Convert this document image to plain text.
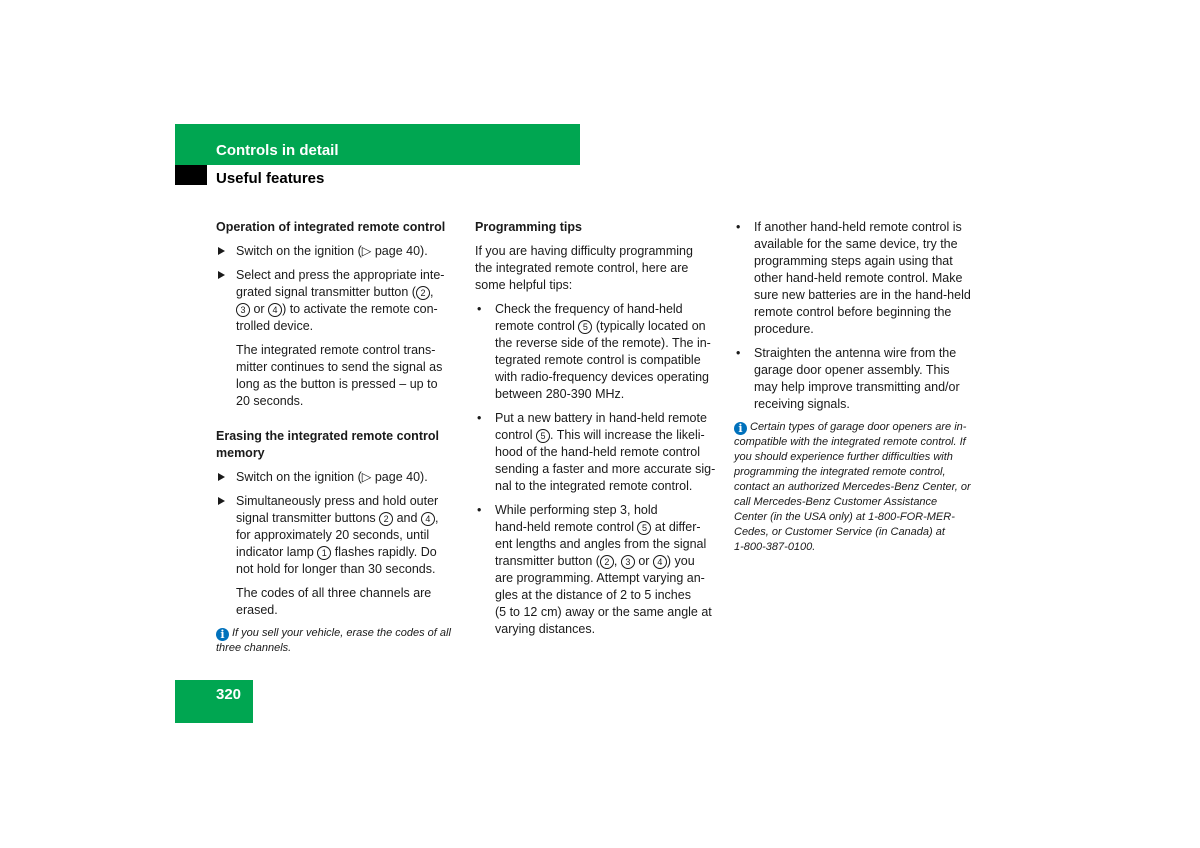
Controls in detail
Useful features
Operation of integrated remote control
Switch on the ignition (▷ page 40).
Select and press the appropriate inte-
grated signal transmitter button ( 2 ,
3 or 4 ) to activate the remote con-
trolled device.
The integrated remote control trans-
mitter continues to send the signal as
long as the button is pressed – up to
20 seconds.
Erasing the integrated remote control
memory
Switch on the ignition (▷ page 40).
Simultaneously press and hold outer
signal transmitter buttons 2 and 4 ,
for approximately 20 seconds, until
indicator lamp 1 flashes rapidly. Do
not hold for longer than 30 seconds.
The codes of all three channels are
erased.
i If you sell your vehicle, erase the codes of all
three channels.
Programming tips
If you are having difficulty programming
the integrated remote control, here are
some helpful tips:
• Check the frequency of hand-held
remote control 5 (typically located on
the reverse side of the remote). The in-
tegrated remote control is compatible
with radio-frequency devices operating
between 280-390 MHz.
• Put a new battery in hand-held remote
control 5 . This will increase the likeli-
hood of the hand-held remote control
sending a faster and more accurate sig-
nal to the integrated remote control.
• While performing step 3, hold
hand-held remote control 5 at differ-
ent lengths and angles from the signal
transmitter button ( 2 , 3 or 4 ) you
are programming. Attempt varying an-
gles at the distance of 2 to 5 inches
(5 to 12 cm) away or the same angle at
varying distances.
• If another hand-held remote control is
available for the same device, try the
programming steps again using that
other hand-held remote control. Make
sure new batteries are in the hand-held
remote control before beginning the
procedure.
• Straighten the antenna wire from the
garage door opener assembly. This
may help improve transmitting and/or
receiving signals.
i Certain types of garage door openers are in-
compatible with the integrated remote control. If
you should experience further difficulties with
programming the integrated remote control,
contact an authorized Mercedes-Benz Center, or
call Mercedes-Benz Customer Assistance
Center (in the USA only) at 1-800-FOR-MER-
Cedes, or Customer Service (in Canada) at
1-800-387-0100.
320
